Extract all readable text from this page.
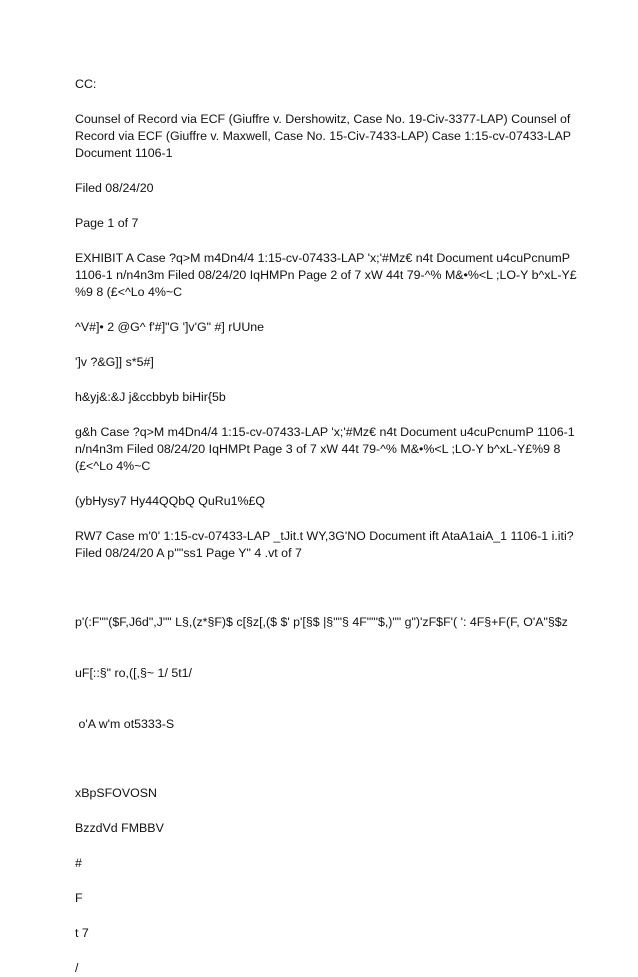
CC:

Counsel of Record via ECF (Giuffre v. Dershowitz, Case No. 19-Civ-3377-LAP) Counsel of Record via ECF (Giuffre v. Maxwell, Case No. 15-Civ-7433-LAP) Case 1:15-cv-07433-LAP Document 1106-1

Filed 08/24/20

Page 1 of 7

EXHIBIT A Case ?q>M m4Dn4/4 1:15-cv-07433-LAP 'x;'#Mz€ n4t Document u4cuPcnumP 1106-1 n/n4n3m Filed 08/24/20 IqHMPn Page 2 of 7 xW 44t 79-^% M&•%<L ;LO-Y b^xL-Y£%9 8 (£<^Lo 4%~C

^V#]• 2 @G^ f'#]"G ']v'G" #] rUUne

']v ?&G]] s*5#]

h&yj&:&J j&ccbbyb biHir{5b

g&h Case ?q>M m4Dn4/4 1:15-cv-07433-LAP 'x;'#Mz€ n4t Document u4cuPcnumP 1106-1 n/n4n3m Filed 08/24/20 IqHMPt Page 3 of 7 xW 44t 79-^% M&•%<L ;LO-Y b^xL-Y£%9 8 (£<^Lo 4%~C

(ybHysy7 Hy44QQbQ QuRu1%£Q

RW7 Case m'0' 1:15-cv-07433-LAP _tJit.t WY,3G'NO Document ift AtaA1aiA_1 1106-1 i.iti? Filed 08/24/20 A p'"'ss1 Page Y" 4 .vt of 7

p'(:F""($F,J6d",J"" L§,(z*§F)$ c[§z[,($ $' p'[§$ |§""§ 4F""'$,)"" g")'zF$F'( ': 4F§+F(F, O'A"§$z

uF[::§" ro,([,§~ 1/ 5t1/

o'A w'm ot5333-S

xBpSFOVOSN

BzzdVd FMBBV

#

F

t 7

/
